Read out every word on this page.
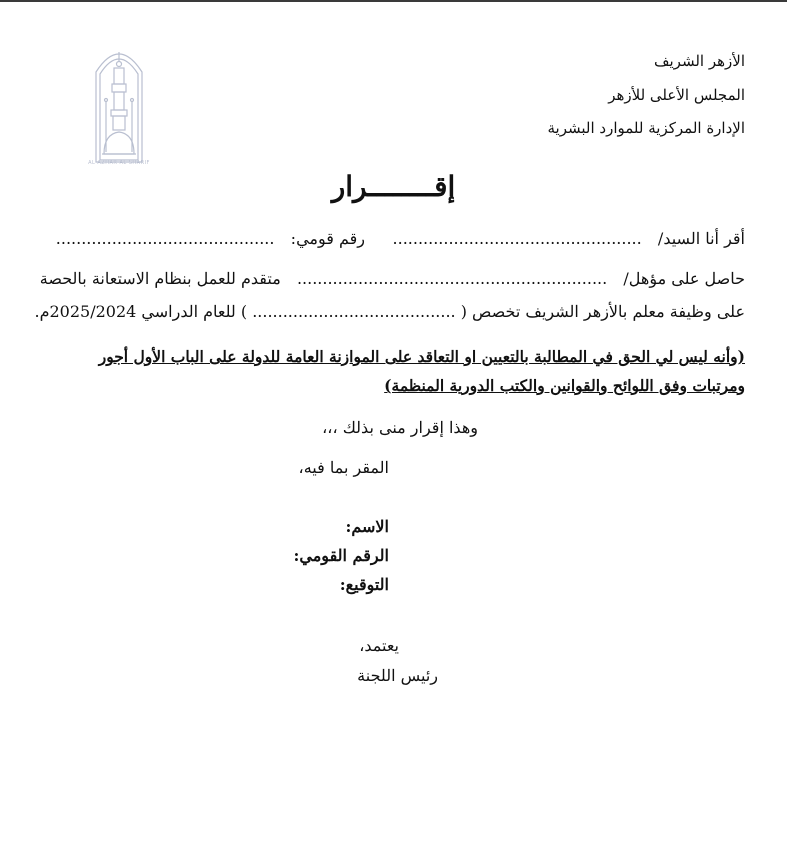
الأزهر الشريف
المجلس الأعلى للأزهر
الإدارة المركزية للموارد البشرية
AL AZHAR AL SHARIF
إقــــــــرار
أقر أنا السيد/  .................................................
رقم قومي:  ...........................................
حاصل على مؤهل/  .............................................................  متقدم للعمل بنظام الاستعانة بالحصة
على وظيفة معلم بالأزهر الشريف تخصص ( ........................................ ) للعام الدراسي 2025/2024م.
(وأنه ليس لي الحق في المطالبة بالتعيين او التعاقد على الموازنة العامة للدولة على الباب الأول أجور
ومرتبات وفق اللوائح والقوانين والكتب الدورية المنظمة)
وهذا إقرار منى بذلك ،،،
المقر بما فيه،
الاسم:
الرقم القومي:
التوقيع:
يعتمد،
رئيس اللجنة
